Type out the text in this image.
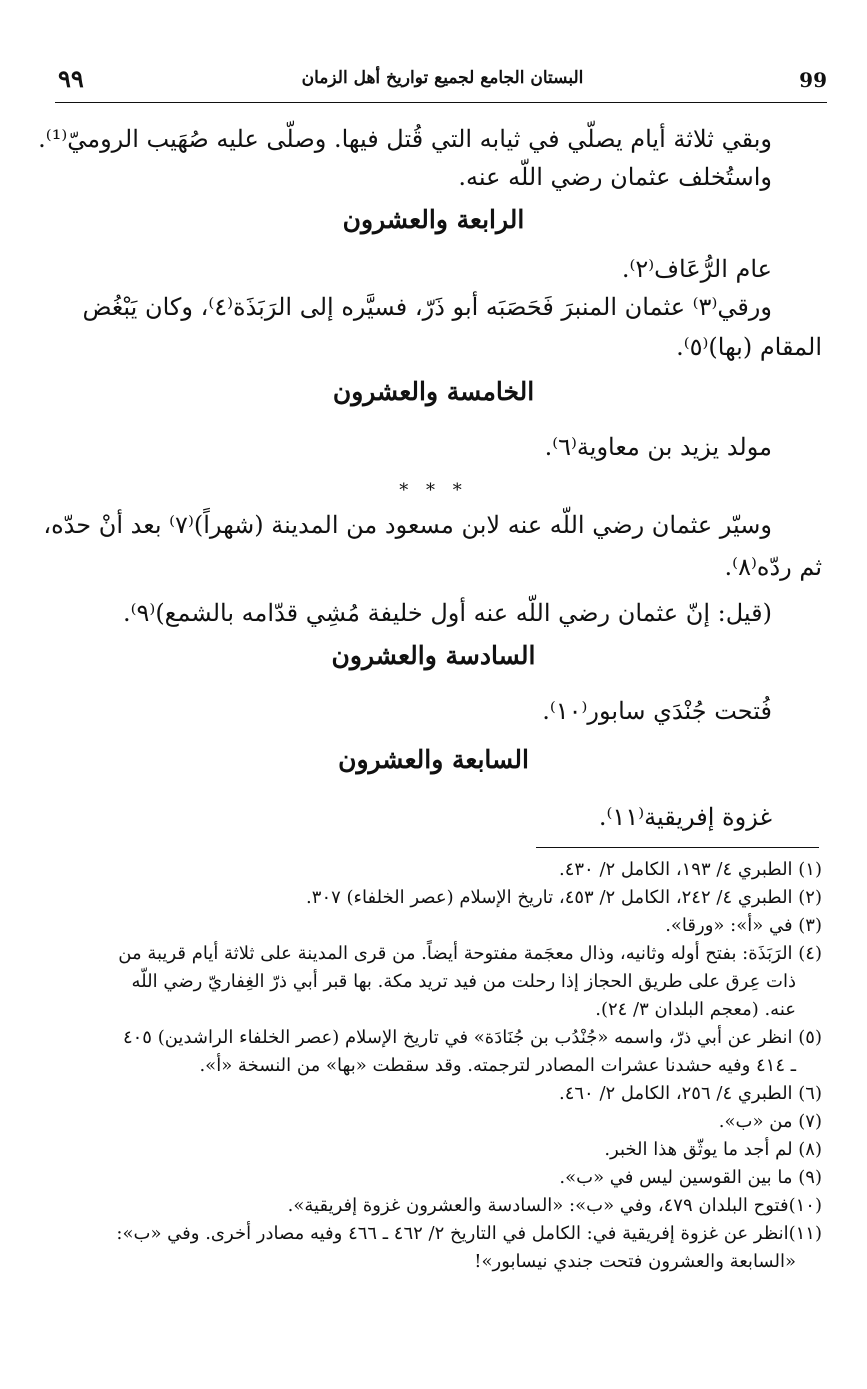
٩٩	البستان الجامع لجميع تواريخ أهل الزمان	99

وبقي ثلاثة أيام يصلّي في ثيابه التي قُتل فيها. وصلّى عليه صُهَيب الروميّ⁽¹⁾.

واستُخلف عثمان رضي اللّه عنه.

الرابعة والعشرون

عام الرُّعَاف⁽٢⁾.

ورقي⁽٣⁾ عثمان المنبرَ فَحَصَبَه أبو ذَرّ، فسيَّره إلى الرَبَذَة⁽٤⁾، وكان يَبْغُض

المقام (بها)⁽٥⁾.

الخامسة والعشرون

مولد يزيد بن معاوية⁽٦⁾.

* * *

وسيّر عثمان رضي اللّه عنه لابن مسعود من المدينة (شهراً)⁽٧⁾ بعد أنْ حدّه،

ثم ردّه⁽٨⁾.

(قيل: إنّ عثمان رضي اللّه عنه أول خليفة مُشِي قدّامه بالشمع)⁽٩⁾.

السادسة والعشرون

فُتحت جُنْدَي سابور⁽١٠⁾.

السابعة والعشرون

غزوة إفريقية⁽١١⁾.

(١) الطبري ٤/ ١٩٣، الكامل ٢/ ٤٣٠.

(٢) الطبري ٤/ ٢٤٢، الكامل ٢/ ٤٥٣، تاريخ الإسلام (عصر الخلفاء) ٣٠٧.

(٣) في «أ»: «ورقا».

(٤) الرَبَذَة: بفتح أوله وثانيه، وذال معجَمة مفتوحة أيضاً. من قرى المدينة على ثلاثة أيام قريبة من

ذات عِرق على طريق الحجاز إذا رحلت من فيد تريد مكة. بها قبر أبي ذرّ الغِفاريّ رضي اللّه

عنه. (معجم البلدان ٣/ ٢٤).

(٥) انظر عن أبي ذرّ، واسمه «جُنْدُب بن جُنَادَة» في تاريخ الإسلام (عصر الخلفاء الراشدين) ٤٠٥

ـ ٤١٤ وفيه حشدنا عشرات المصادر لترجمته. وقد سقطت «بها» من النسخة «أ».

(٦) الطبري ٤/ ٢٥٦، الكامل ٢/ ٤٦٠.

(٧) من «ب».

(٨) لم أجد ما يوثّق هذا الخبر.

(٩) ما بين القوسين ليس في «ب».

(١٠)فتوح البلدان ٤٧٩، وفي «ب»: «السادسة والعشرون غزوة إفريقية».

(١١)انظر عن غزوة إفريقية في: الكامل في التاريخ ٢/ ٤٦٢ ـ ٤٦٦ وفيه مصادر أخرى. وفي «ب»:

«السابعة والعشرون فتحت جندي نيسابور»!
